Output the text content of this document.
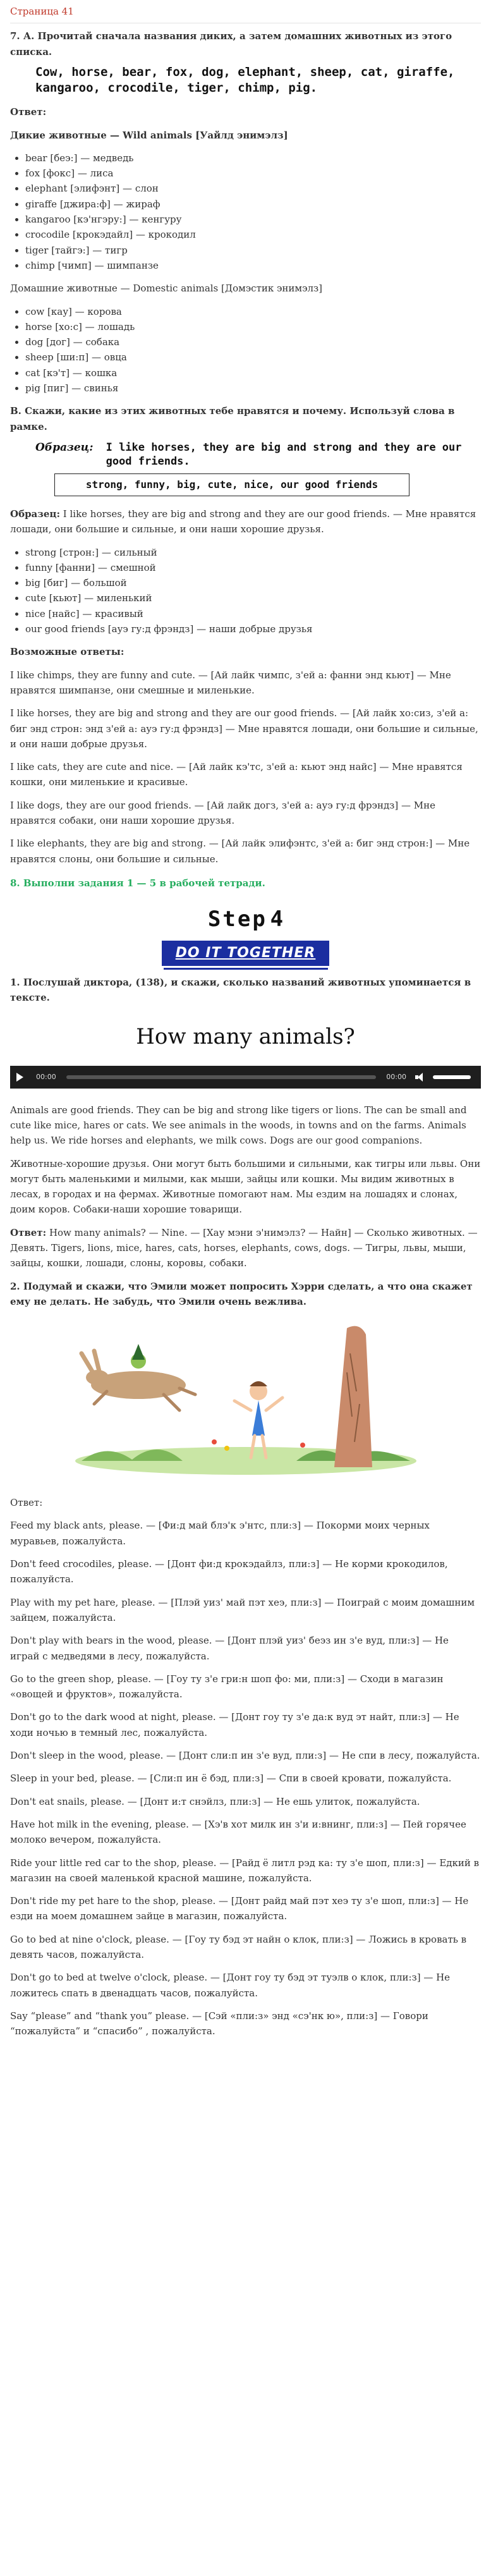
Страница 41
7. А. Прочитай сначала названия диких, а затем домашних животных из этого списка.
Cow, horse, bear, fox, dog, elephant, sheep, cat, giraffe, kangaroo, crocodile, tiger, chimp, pig.

Ответ:

Дикие животные — Wild animals [Уайлд энимэлз]

• bear [беэ:] — медведь
• fox [фокс] — лиса
• elephant [элифэнт] — слон
• giraffe [джира:ф] — жираф
• kangaroo [кэ'нгэру:] — кенгуру
• crocodile [крокэдайл] — крокодил
• tiger [тайгэ:] — тигр
• chimp [чимп] — шимпанзе

Домашние животные — Domestic animals [Домэстик энимэлз]

• cow [кау] — корова
• horse [хо:с] — лошадь
• dog [дог] — собака
• sheep [ши:п] — овца
• cat [кэ'т] — кошка
• pig [пиг] — свинья
В. Скажи, какие из этих животных тебе нравятся и почему. Используй слова в рамке.
Образец: I like horses, they are big and strong and they are our good friends.
strong, funny, big, cute, nice, our good friends

Образец: I like horses, they are big and strong and they are our good friends. — Мне нравятся лошади, они большие и сильные, и они наши хорошие друзья.

• strong [строн:] — сильный
• funny [фанни] — смешной
• big [биг] — большой
• cute [кьют] — миленький
• nice [найс] — красивый
• our good friends [ауэ гу:д фрэндз] — наши добрые друзья

Возможные ответы:

I like chimps, they are funny and cute. — [Ай лайк чимпс, з'ей а: фанни энд кьют] — Мне нравятся шимпанзе, они смешные и миленькие.

I like horses, they are big and strong and they are our good friends. — [Ай лайк хо:сиз, з'ей а: биг энд строн: энд з'ей а: ауэ гу:д фрэндз] — Мне нравятся лошади, они большие и сильные, и они наши добрые друзья.

I like cats, they are cute and nice. — [Ай лайк кэ'тс, з'ей а: кьют энд найс] — Мне нравятся кошки, они миленькие и красивые.

I like dogs, they are our good friends. — [Ай лайк догз, з'ей а: ауэ гу:д фрэндз] — Мне нравятся собаки, они наши хорошие друзья.

I like elephants, they are big and strong. — [Ай лайк элифэнтс, з'ей а: биг энд строн:] — Мне нравятся слоны, они большие и сильные.

8. Выполни задания 1 — 5 в рабочей тетради.
Step 4
DO IT TOGETHER
1. Послушай диктора, (138), и скажи, сколько названий животных упоминается в тексте.
How many animals?
00:00	00:00

Animals are good friends. They can be big and strong like tigers or lions. The can be small and cute like mice, hares or cats. We see animals in the woods, in towns and on the farms. Animals help us. We ride horses and elephants, we milk cows. Dogs are our good companions.

Животные-хорошие друзья. Они могут быть большими и сильными, как тигры или львы. Они могут быть маленькими и милыми, как мыши, зайцы или кошки. Мы видим животных в лесах, в городах и на фермах. Животные помогают нам. Мы ездим на лошадях и слонах, доим коров. Собаки-наши хорошие товарищи.

Ответ: How many animals? — Nine. — [Хау мэни э'нимэлз? — Найн] — Сколько животных. — Девять. Tigers, lions, mice, hares, cats, horses, elephants, cows, dogs. — Тигры, львы, мыши, зайцы, кошки, лошади, слоны, коровы, собаки.

2. Подумай и скажи, что Эмили может попросить Хэрри сделать, а что она скажет ему не делать. Не забудь, что Эмили очень вежлива.

Ответ:

Feed my black ants, please. — [Фи:д май блэ'к э'нтс, пли:з] — Покорми моих черных муравьев, пожалуйста.

Don't feed crocodiles, please. — [Донт фи:д крокэдайлз, пли:з] — Не корми крокодилов, пожалуйста.

Play with my pet hare, please. — [Плэй уиз' май пэт хеэ, пли:з] — Поиграй с моим домашним зайцем, пожалуйста.

Don't play with bears in the wood, please. — [Донт плэй уиз' беэз ин з'е вуд, пли:з] — Не играй с медведями в лесу, пожалуйста.

Go to the green shop, please. — [Гоу ту з'е гри:н шоп фо: ми, пли:з] — Сходи в магазин «овощей и фруктов», пожалуйста.

Don't go to the dark wood at night, please. — [Донт гоу ту з'е да:к вуд эт найт, пли:з] — Не ходи ночью в темный лес, пожалуйста.

Don't sleep in the wood, please. — [Донт сли:п ин з'е вуд, пли:з] — Не спи в лесу, пожалуйста.

Sleep in your bed, please. — [Сли:п ин ё бэд, пли:з] — Спи в своей кровати, пожалуйста.

Don't eat snails, please. — [Донт и:т снэйлз, пли:з] — Не ешь улиток, пожалуйста.

Have hot milk in the evening, please. — [Хэ'в хот милк ин з'и и:внинг, пли:з] — Пей горячее молоко вечером, пожалуйста.

Ride your little red car to the shop, please. — [Райд ё литл рэд ка: ту з'е шоп, пли:з] — Едкий в магазин на своей маленькой красной машине, пожалуйста.

Don't ride my pet hare to the shop, please. — [Донт райд май пэт хеэ ту з'е шоп, пли:з] — Не езди на моем домашнем зайце в магазин, пожалуйста.

Go to bed at nine o'clock, please. — [Гоу ту бэд эт найн о клок, пли:з] — Ложись в кровать в девять часов, пожалуйста.

Don't go to bed at twelve o'clock, please. — [Донт гоу ту бэд эт туэлв о клок, пли:з] — Не ложитесь спать в двенадцать часов, пожалуйста.

Say “please” and “thank you” please. — [Сэй «пли:з» энд «сэ'нк ю», пли:з] — Говори “пожалуйста” и “спасибо” , пожалуйста.
